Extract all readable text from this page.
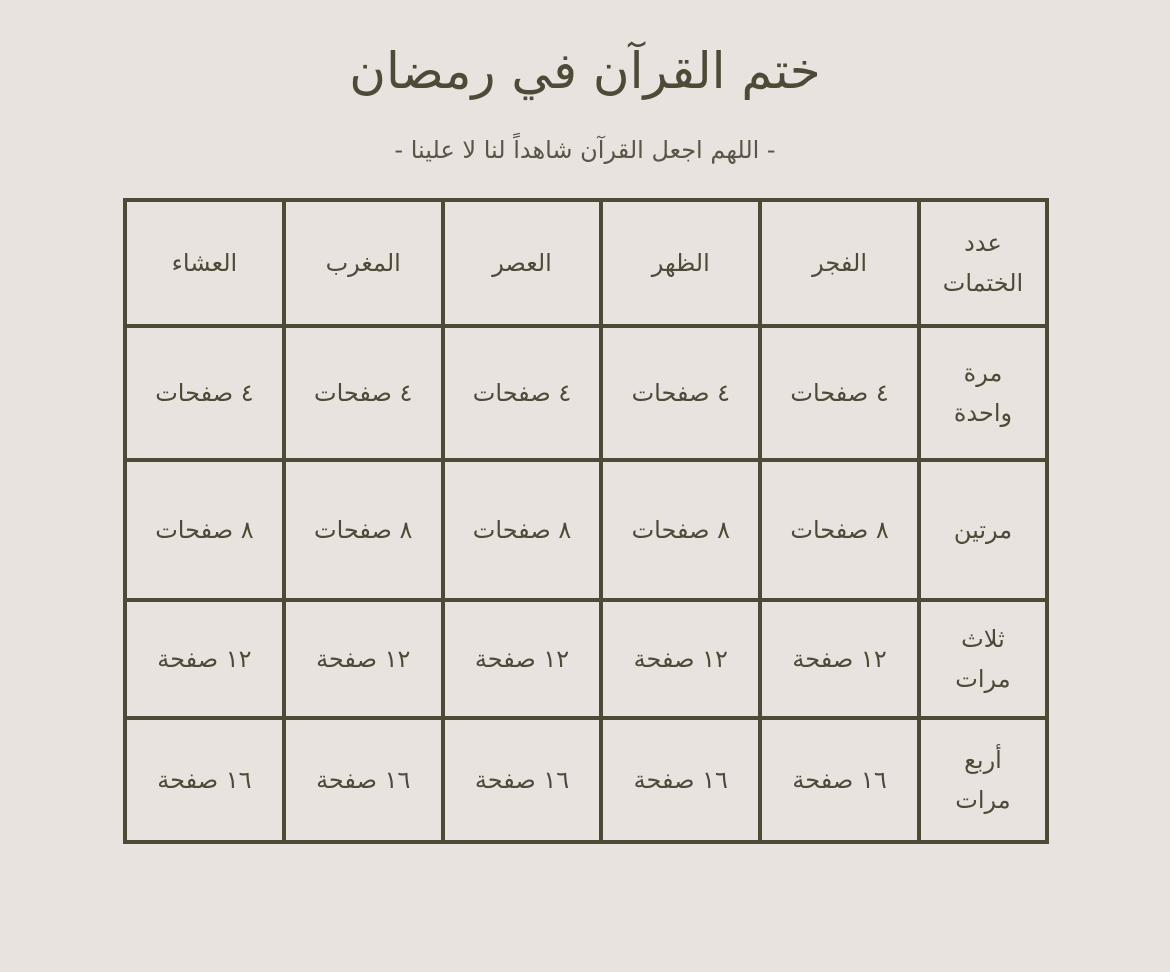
ختم القرآن في رمضان
- اللهم اجعل القرآن شاهداً لنا لا علينا -
عدد
الختمات	الفجر	الظهر	العصر	المغرب	العشاء

مرة
واحدة	٤ صفحات	٤ صفحات	٤ صفحات	٤ صفحات	٤ صفحات

مرتين	٨ صفحات	٨ صفحات	٨ صفحات	٨ صفحات	٨ صفحات

ثلاث
مرات	١٢ صفحة	١٢ صفحة	١٢ صفحة	١٢ صفحة	١٢ صفحة

أربع
مرات	١٦ صفحة	١٦ صفحة	١٦ صفحة	١٦ صفحة	١٦ صفحة
